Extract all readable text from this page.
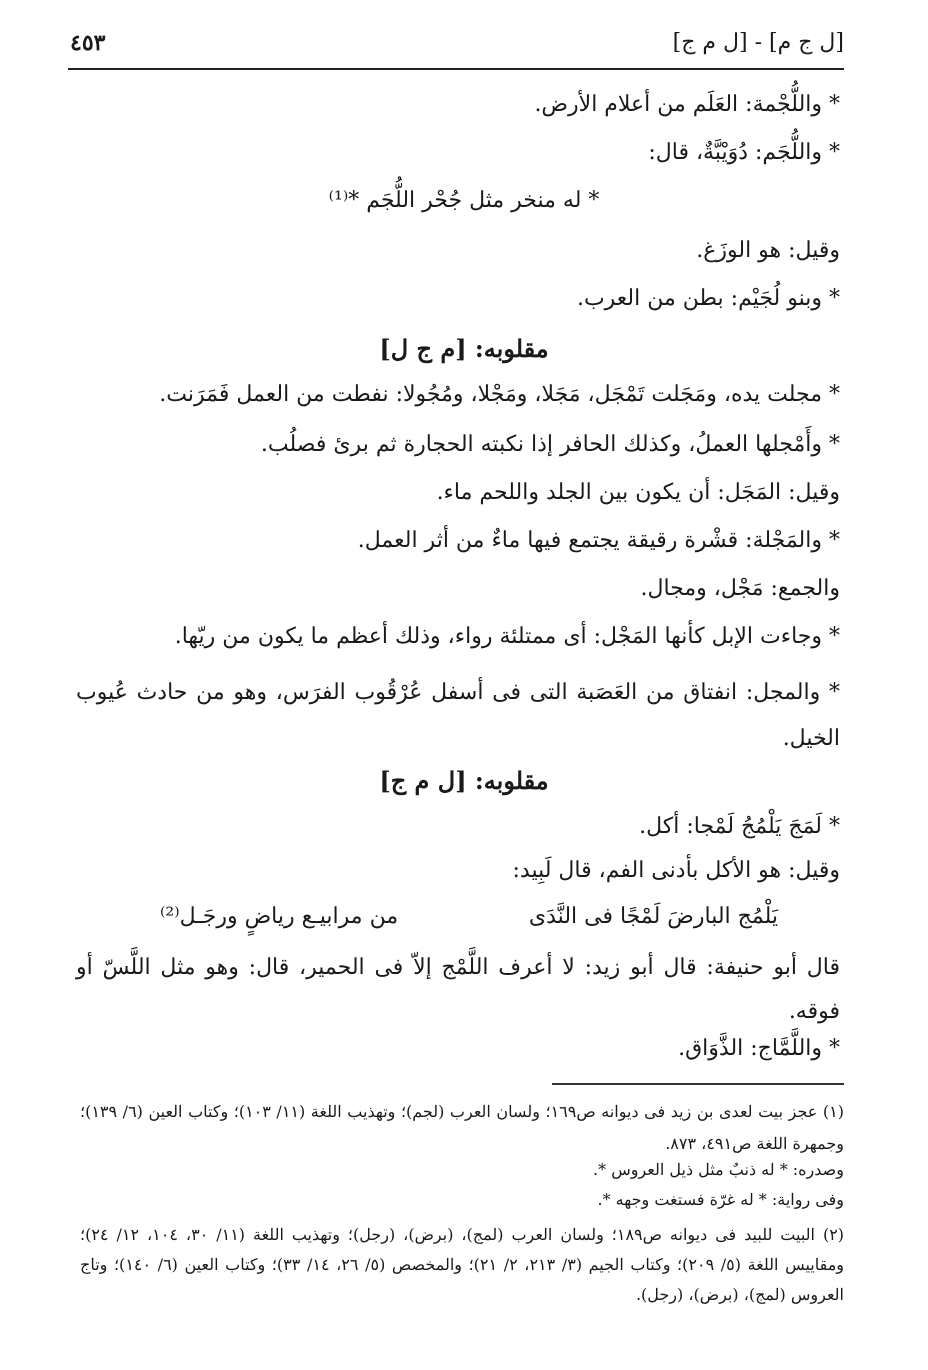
٤٥٣	[ل ج م] - [ل م ج]
* واللُّجْمة: العَلَم من أعلام الأرض.
* واللُّجَم: دُوَيْبَّةٌ، قال:
* له منخر مثل جُحْر اللُّجَم *⁽¹⁾
وقيل: هو الوزَغ.
* وبنو لُجَيْم: بطن من العرب.
مقلوبه: [م ج ل]
* مجلت يده، ومَجَلت تَمْجَل، مَجَلا، ومَجْلا، ومُجُولا: نفطت من العمل فَمَرَنت.
* وأَمْجلها العملُ، وكذلك الحافر إذا نكبته الحجارة ثم برئ فصلُب.
وقيل: المَجَل: أن يكون بين الجلد واللحم ماء.
* والمَجْلة: قشْرة رقيقة يجتمع فيها ماءٌ من أثر العمل.
والجمع: مَجْل، ومجال.
* وجاءت الإبل كأنها المَجْل: أى ممتلئة رواء، وذلك أعظم ما يكون من ريّها.
* والمجل: انفتاق من العَصَبة التى فى أسفل عُرْقُوب الفرَس، وهو من حادث عُيوب الخيل.
مقلوبه: [ل م ج]
* لَمَجَ يَلْمُجُ لَمْجا: أكل.
وقيل: هو الأكل بأدنى الفم، قال لَبِيد:
يَلْمُج البارضَ لَمْجًا فى النَّدَى
من مرابيـع رياضٍ ورجَـل⁽²⁾
قال أبو حنيفة: قال أبو زيد: لا أعرف اللَّمْج إلاّ فى الحمير، قال: وهو مثل اللَّسّ أو فوقه.
* واللَّمَّاج: الذَّوَاق.
(١) عجز بيت لعدى بن زيد فى ديوانه ص١٦٩؛ ولسان العرب (لجم)؛ وتهذيب اللغة (١١/ ١٠٣)؛ وكتاب العين (٦/ ١٣٩)؛ وجمهرة اللغة ص٤٩١، ٨٧٣.
وصدره: * له ذنبٌ مثل ذيل العروس *.
وفى رواية: * له غرّة فستغت وجهه *.
(٢) البيت للبيد فى ديوانه ص١٨٩؛ ولسان العرب (لمج)، (برض)، (رجل)؛ وتهذيب اللغة (١١/ ٣٠، ١٠٤، ١٢/ ٢٤)؛ ومقاييس اللغة (٥/ ٢٠٩)؛ وكتاب الجيم (٣/ ٢١٣، ٢/ ٢١)؛ والمخصص (٥/ ٢٦، ١٤/ ٣٣)؛ وكتاب العين (٦/ ١٤٠)؛ وتاج العروس (لمج)، (برض)، (رجل).
